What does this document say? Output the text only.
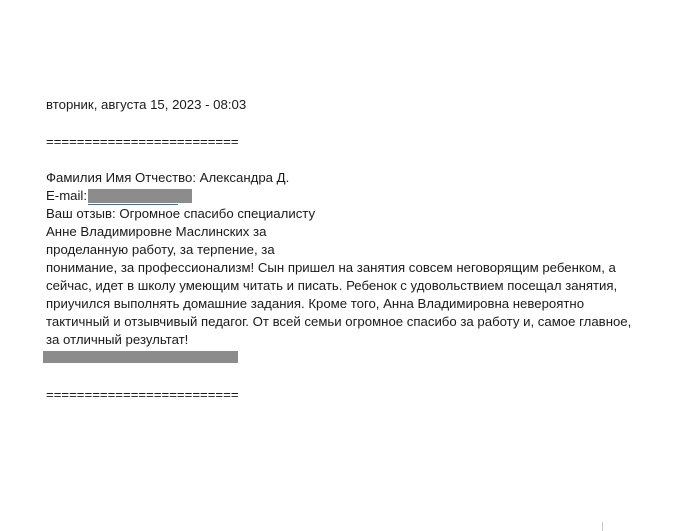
вторник, августа 15, 2023 - 08:03
=========================
Фамилия Имя Отчество: Александра Д.
E-mail:
Ваш отзыв: Огромное спасибо специалисту
Анне Владимировне Маслинских за
проделанную работу, за терпение, за
понимание, за профессионализм! Сын пришел на занятия совсем неговорящим ребенком, а
сейчас, идет в школу умеющим читать и писать. Ребенок с удовольствием посещал занятия,
приучился выполнять домашние задания. Кроме того, Анна Владимировна невероятно
тактичный и отзывчивый педагог. От всей семьи огромное спасибо за работу и, самое главное,
за отличный результат!
=========================
